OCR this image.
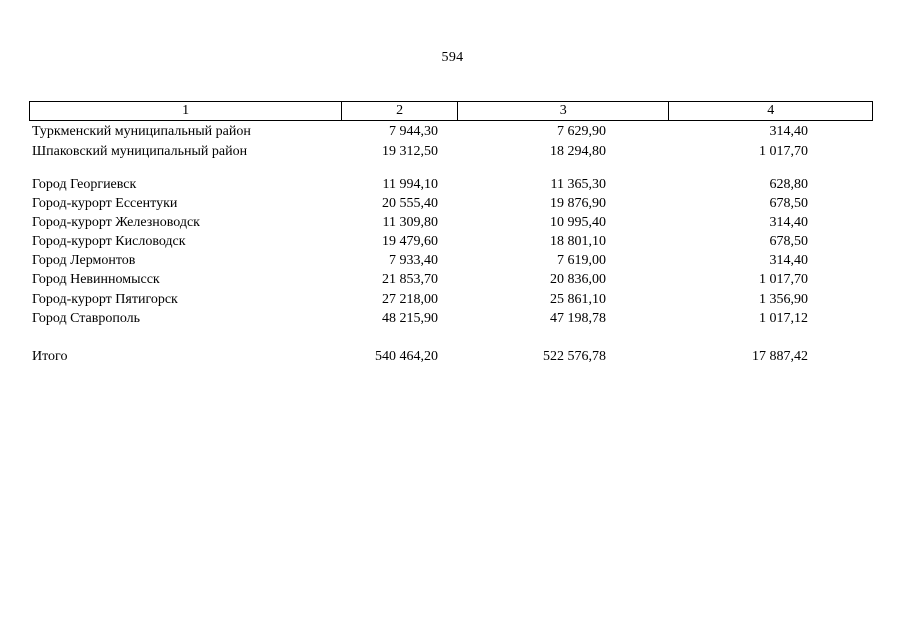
594
1	2	3	4
Туркменский муниципальный район	7 944,30	7 629,90	314,40
Шпаковский муниципальный район	19 312,50	18 294,80	1 017,70
Город Георгиевск	11 994,10	11 365,30	628,80
Город-курорт Ессентуки	20 555,40	19 876,90	678,50
Город-курорт Железноводск	11 309,80	10 995,40	314,40
Город-курорт Кисловодск	19 479,60	18 801,10	678,50
Город Лермонтов	7 933,40	7 619,00	314,40
Город Невинномысск	21 853,70	20 836,00	1 017,70
Город-курорт Пятигорск	27 218,00	25 861,10	1 356,90
Город Ставрополь	48 215,90	47 198,78	1 017,12
Итого	540 464,20	522 576,78	17 887,42
